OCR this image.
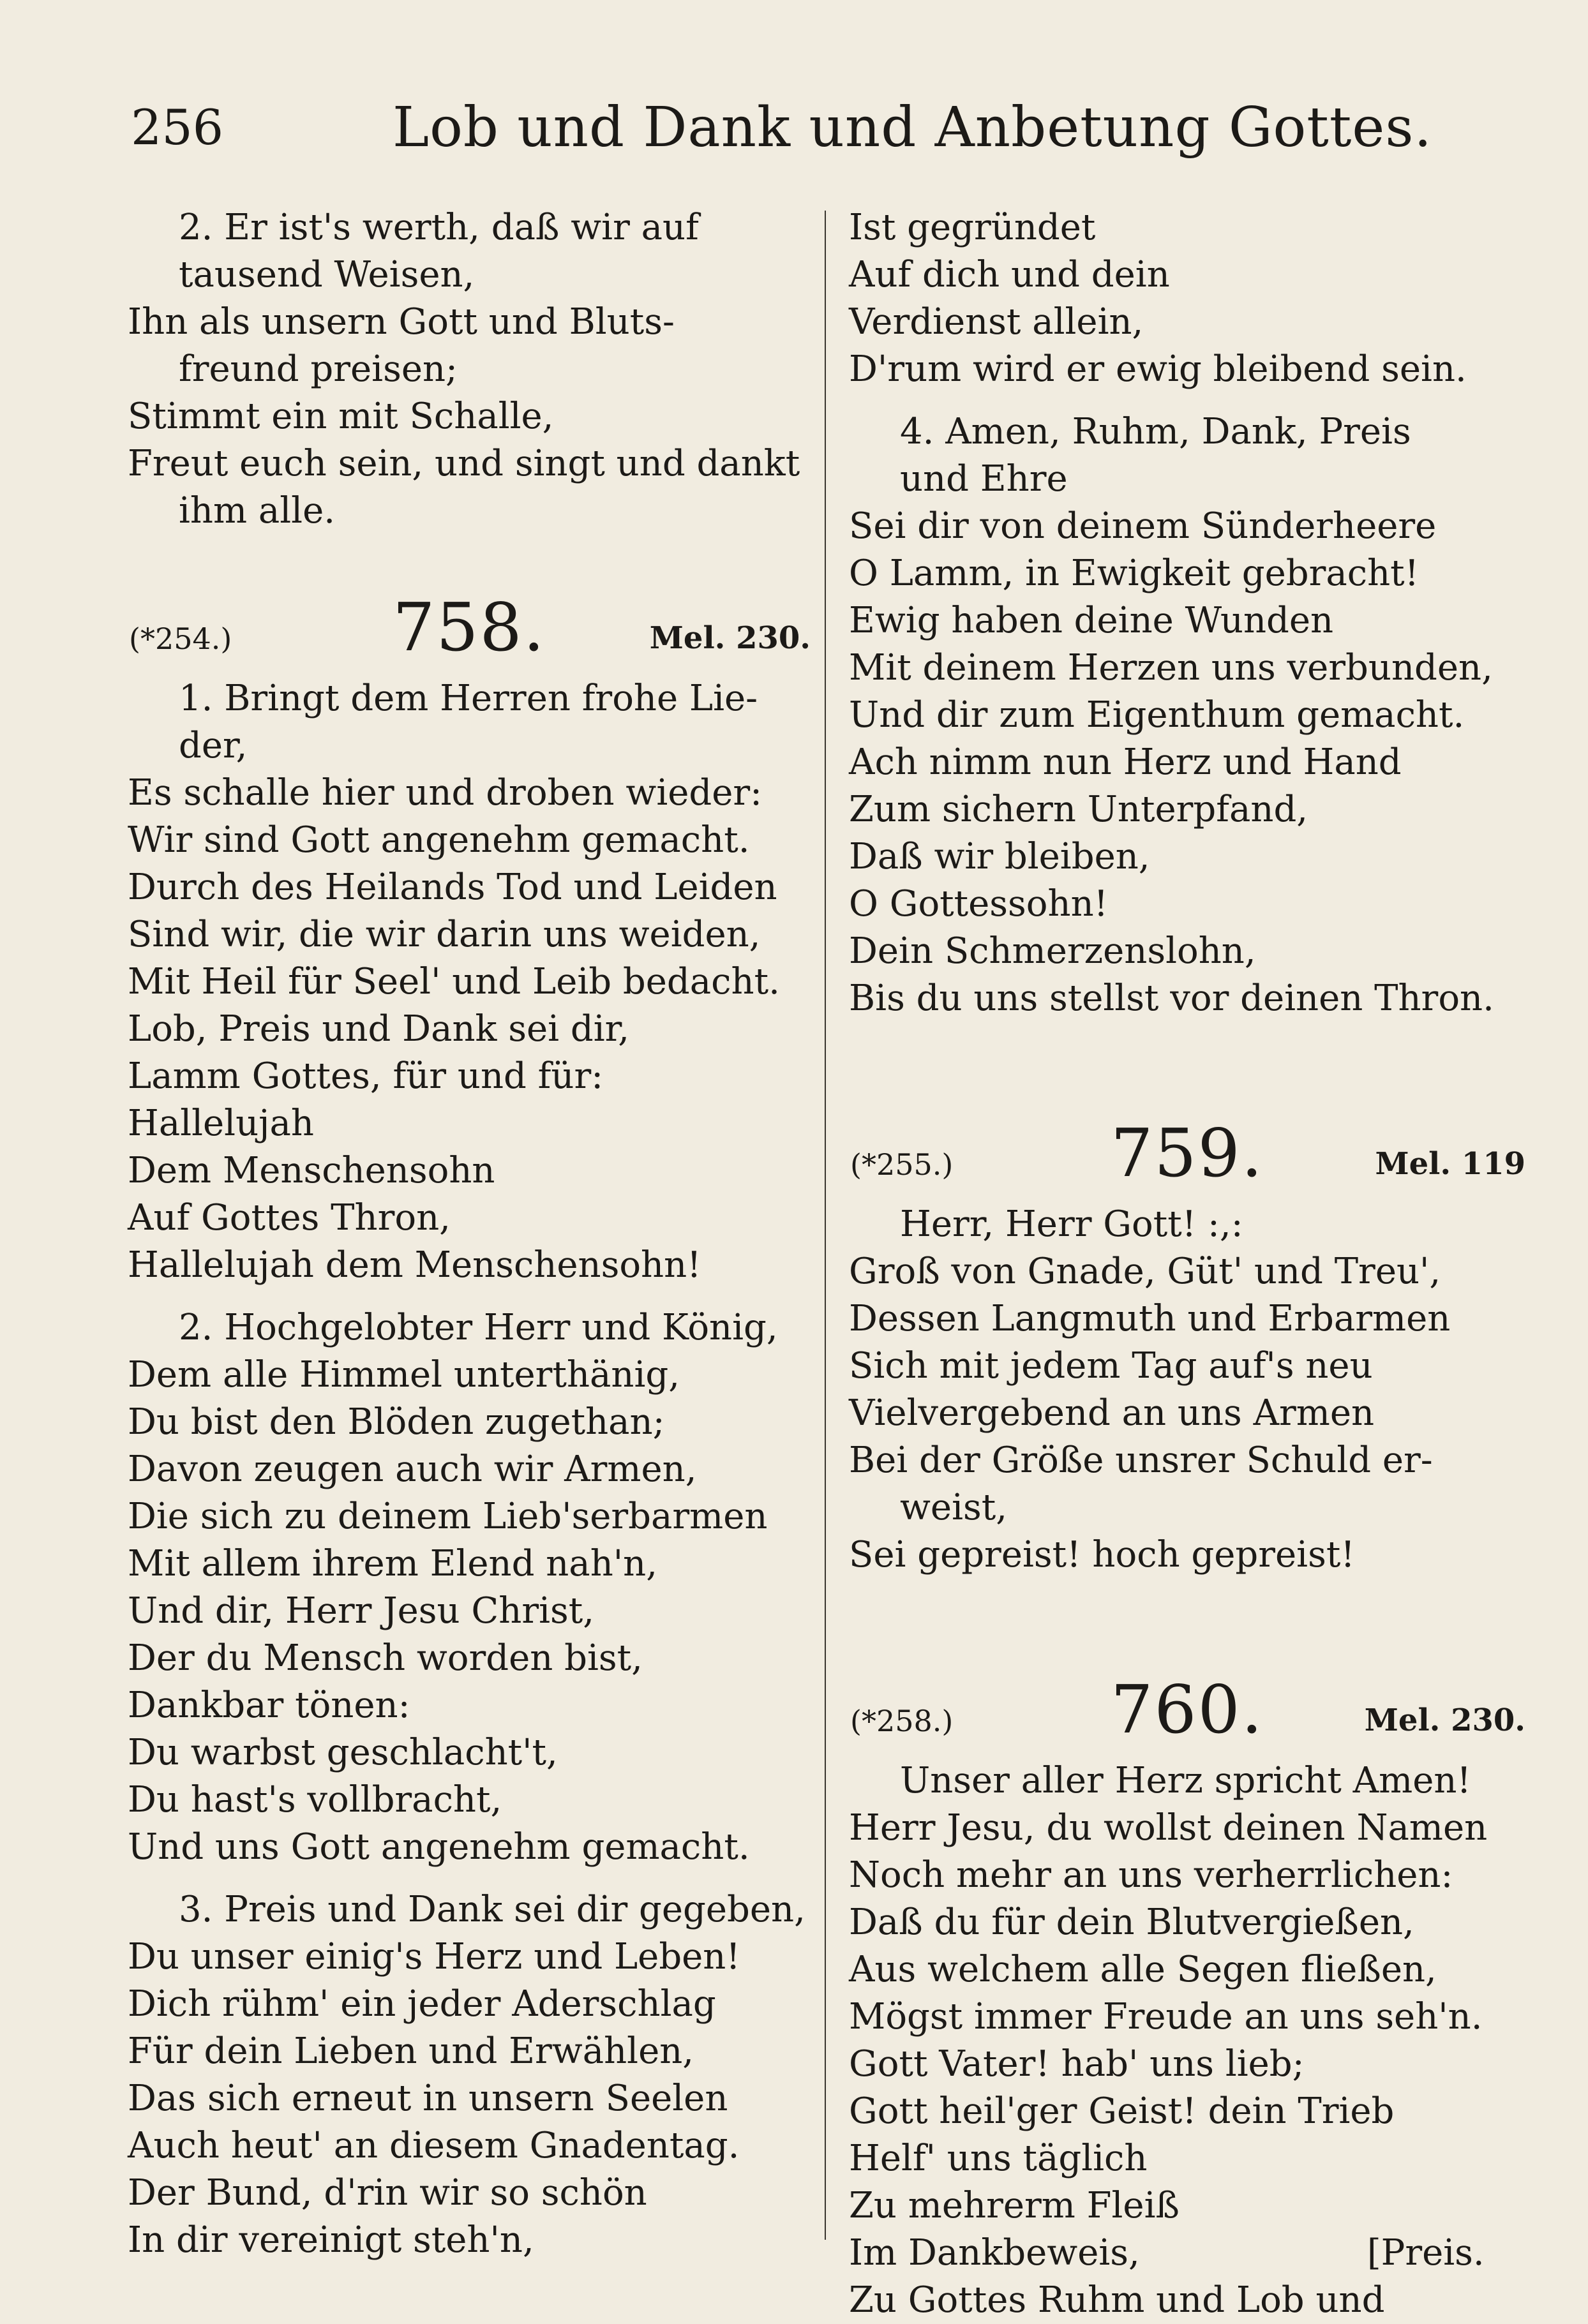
256	Lob und Dank und Anbetung Gottes.
2. Er ist's werth, daß wir auf
tausend Weisen,
Ihn als unsern Gott und Bluts-
freund preisen;
Stimmt ein mit Schalle,
Freut euch sein, und singt und dankt
ihm alle.
(*254.)	758.	Mel. 230.
1. Bringt dem Herren frohe Lie-
der,
Es schalle hier und droben wieder:
Wir sind Gott angenehm gemacht.
Durch des Heilands Tod und Leiden
Sind wir, die wir darin uns weiden,
Mit Heil für Seel' und Leib bedacht.
Lob, Preis und Dank sei dir,
Lamm Gottes, für und für:
Hallelujah
Dem Menschensohn
Auf Gottes Thron,
Hallelujah dem Menschensohn!
2. Hochgelobter Herr und König,
Dem alle Himmel unterthänig,
Du bist den Blöden zugethan;
Davon zeugen auch wir Armen,
Die sich zu deinem Lieb'serbarmen
Mit allem ihrem Elend nah'n,
Und dir, Herr Jesu Christ,
Der du Mensch worden bist,
Dankbar tönen:
Du warbst geschlacht't,
Du hast's vollbracht,
Und uns Gott angenehm gemacht.
3. Preis und Dank sei dir gegeben,
Du unser einig's Herz und Leben!
Dich rühm' ein jeder Aderschlag
Für dein Lieben und Erwählen,
Das sich erneut in unsern Seelen
Auch heut' an diesem Gnadentag.
Der Bund, d'rin wir so schön
In dir vereinigt steh'n,
Ist gegründet
Auf dich und dein
Verdienst allein,
D'rum wird er ewig bleibend sein.
4. Amen, Ruhm, Dank, Preis
und Ehre
Sei dir von deinem Sünderheere
O Lamm, in Ewigkeit gebracht!
Ewig haben deine Wunden
Mit deinem Herzen uns verbunden,
Und dir zum Eigenthum gemacht.
Ach nimm nun Herz und Hand
Zum sichern Unterpfand,
Daß wir bleiben,
O Gottessohn!
Dein Schmerzenslohn,
Bis du uns stellst vor deinen Thron.
(*255.)	759.	Mel. 119
Herr, Herr Gott! :,:
Groß von Gnade, Güt' und Treu',
Dessen Langmuth und Erbarmen
Sich mit jedem Tag auf's neu
Vielvergebend an uns Armen
Bei der Größe unsrer Schuld er-
weist,
Sei gepreist! hoch gepreist!
(*258.)	760.	Mel. 230.
Unser aller Herz spricht Amen!
Herr Jesu, du wollst deinen Namen
Noch mehr an uns verherrlichen:
Daß du für dein Blutvergießen,
Aus welchem alle Segen fließen,
Mögst immer Freude an uns seh'n.
Gott Vater! hab' uns lieb;
Gott heil'ger Geist! dein Trieb
Helf' uns täglich
Zu mehrerm Fleiß
Im Dankbeweis,                    [Preis.
Zu Gottes Ruhm und Lob und
